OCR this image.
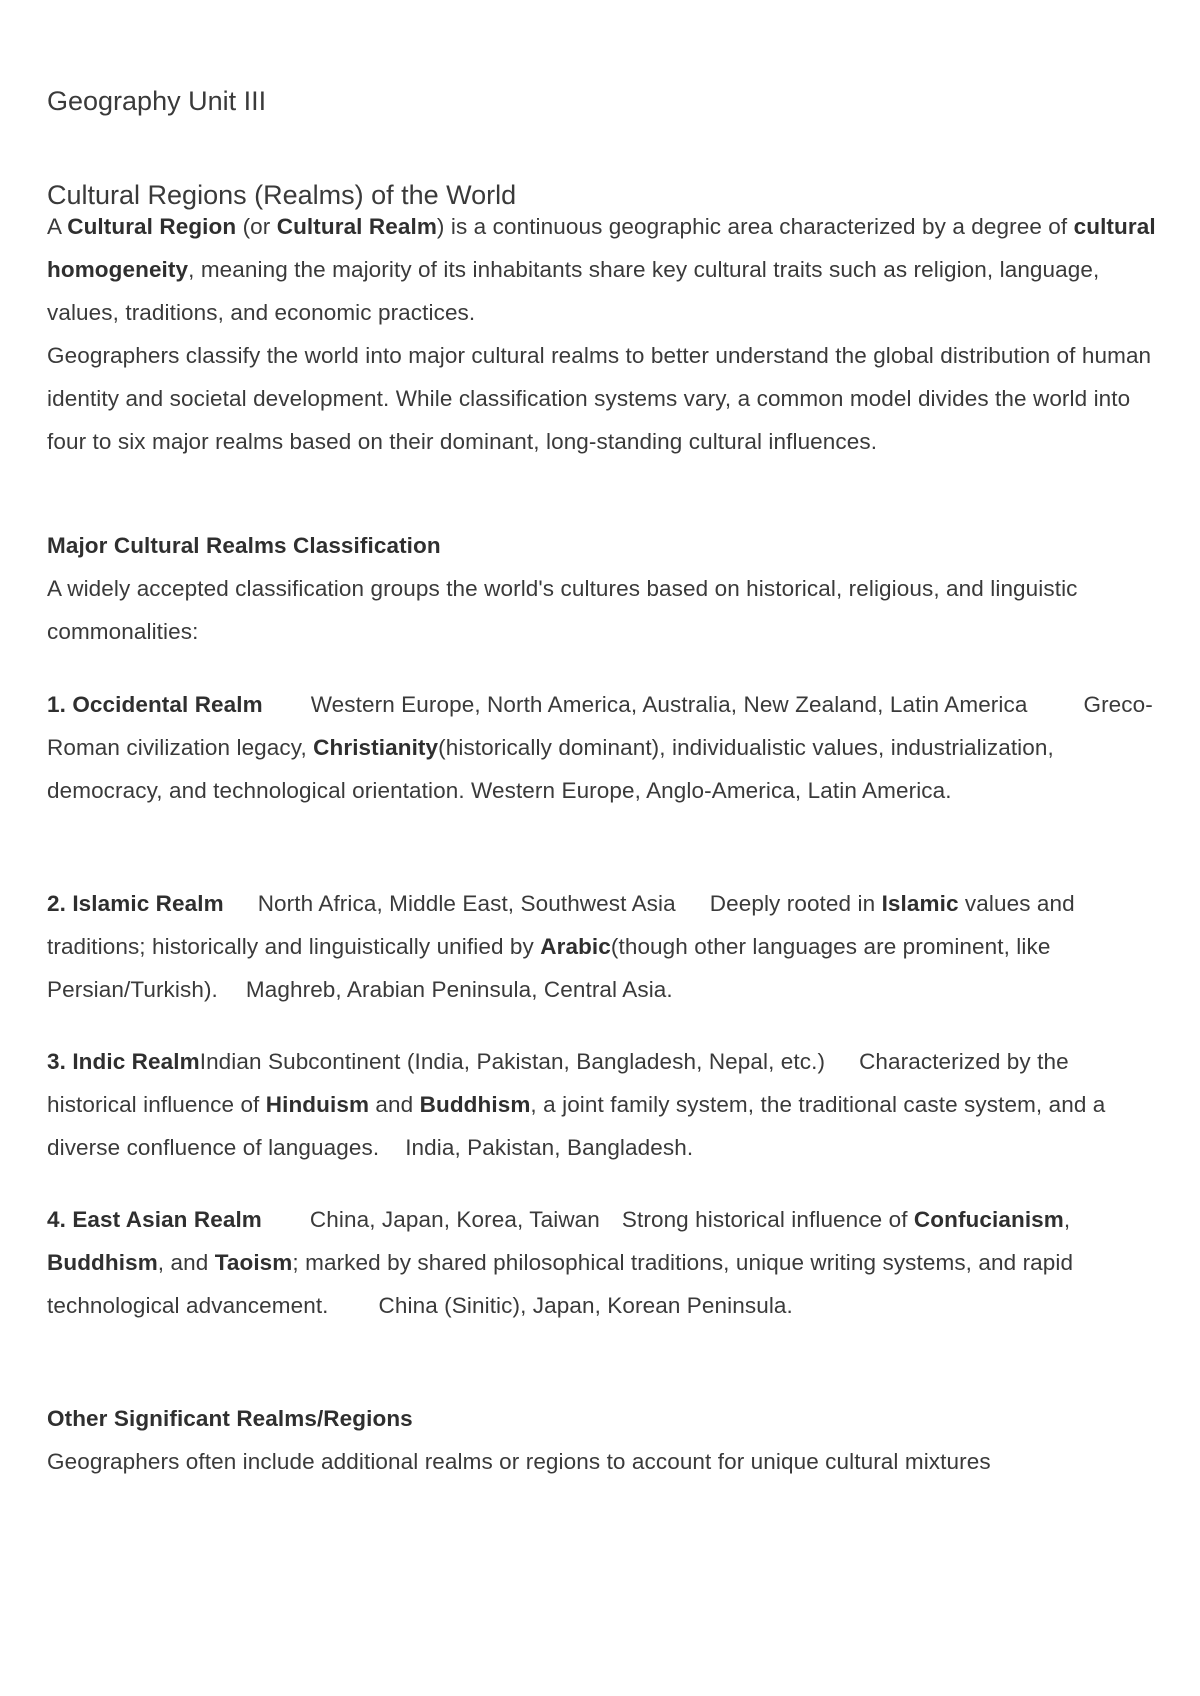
Geography Unit III
Cultural Regions (Realms) of the World

A Cultural Region (or Cultural Realm) is a continuous geographic area characterized by a degree of cultural homogeneity, meaning the majority of its inhabitants share key cultural traits such as religion, language, values, traditions, and economic practices.

Geographers classify the world into major cultural realms to better understand the global distribution of human identity and societal development. While classification systems vary, a common model divides the world into four to six major realms based on their dominant, long-standing cultural influences.

Major Cultural Realms Classification

A widely accepted classification groups the world's cultures based on historical, religious, and linguistic commonalities:

1. Occidental Realm Western Europe, North America, Australia, New Zealand, Latin America Greco-Roman civilization legacy, Christianity(historically dominant), individualistic values, industrialization, democracy, and technological orientation. Western Europe, Anglo-America, Latin America.

2. Islamic Realm North Africa, Middle East, Southwest Asia Deeply rooted in Islamic values and traditions; historically and linguistically unified by Arabic(though other languages are prominent, like Persian/Turkish). Maghreb, Arabian Peninsula, Central Asia.

3. Indic RealmIndian Subcontinent (India, Pakistan, Bangladesh, Nepal, etc.) Characterized by the historical influence of Hinduism and Buddhism, a joint family system, the traditional caste system, and a diverse confluence of languages. India, Pakistan, Bangladesh.

4. East Asian Realm China, Japan, Korea, Taiwan Strong historical influence of Confucianism, Buddhism, and Taoism; marked by shared philosophical traditions, unique writing systems, and rapid technological advancement. China (Sinitic), Japan, Korean Peninsula.

Other Significant Realms/Regions

Geographers often include additional realms or regions to account for unique cultural mixtures
